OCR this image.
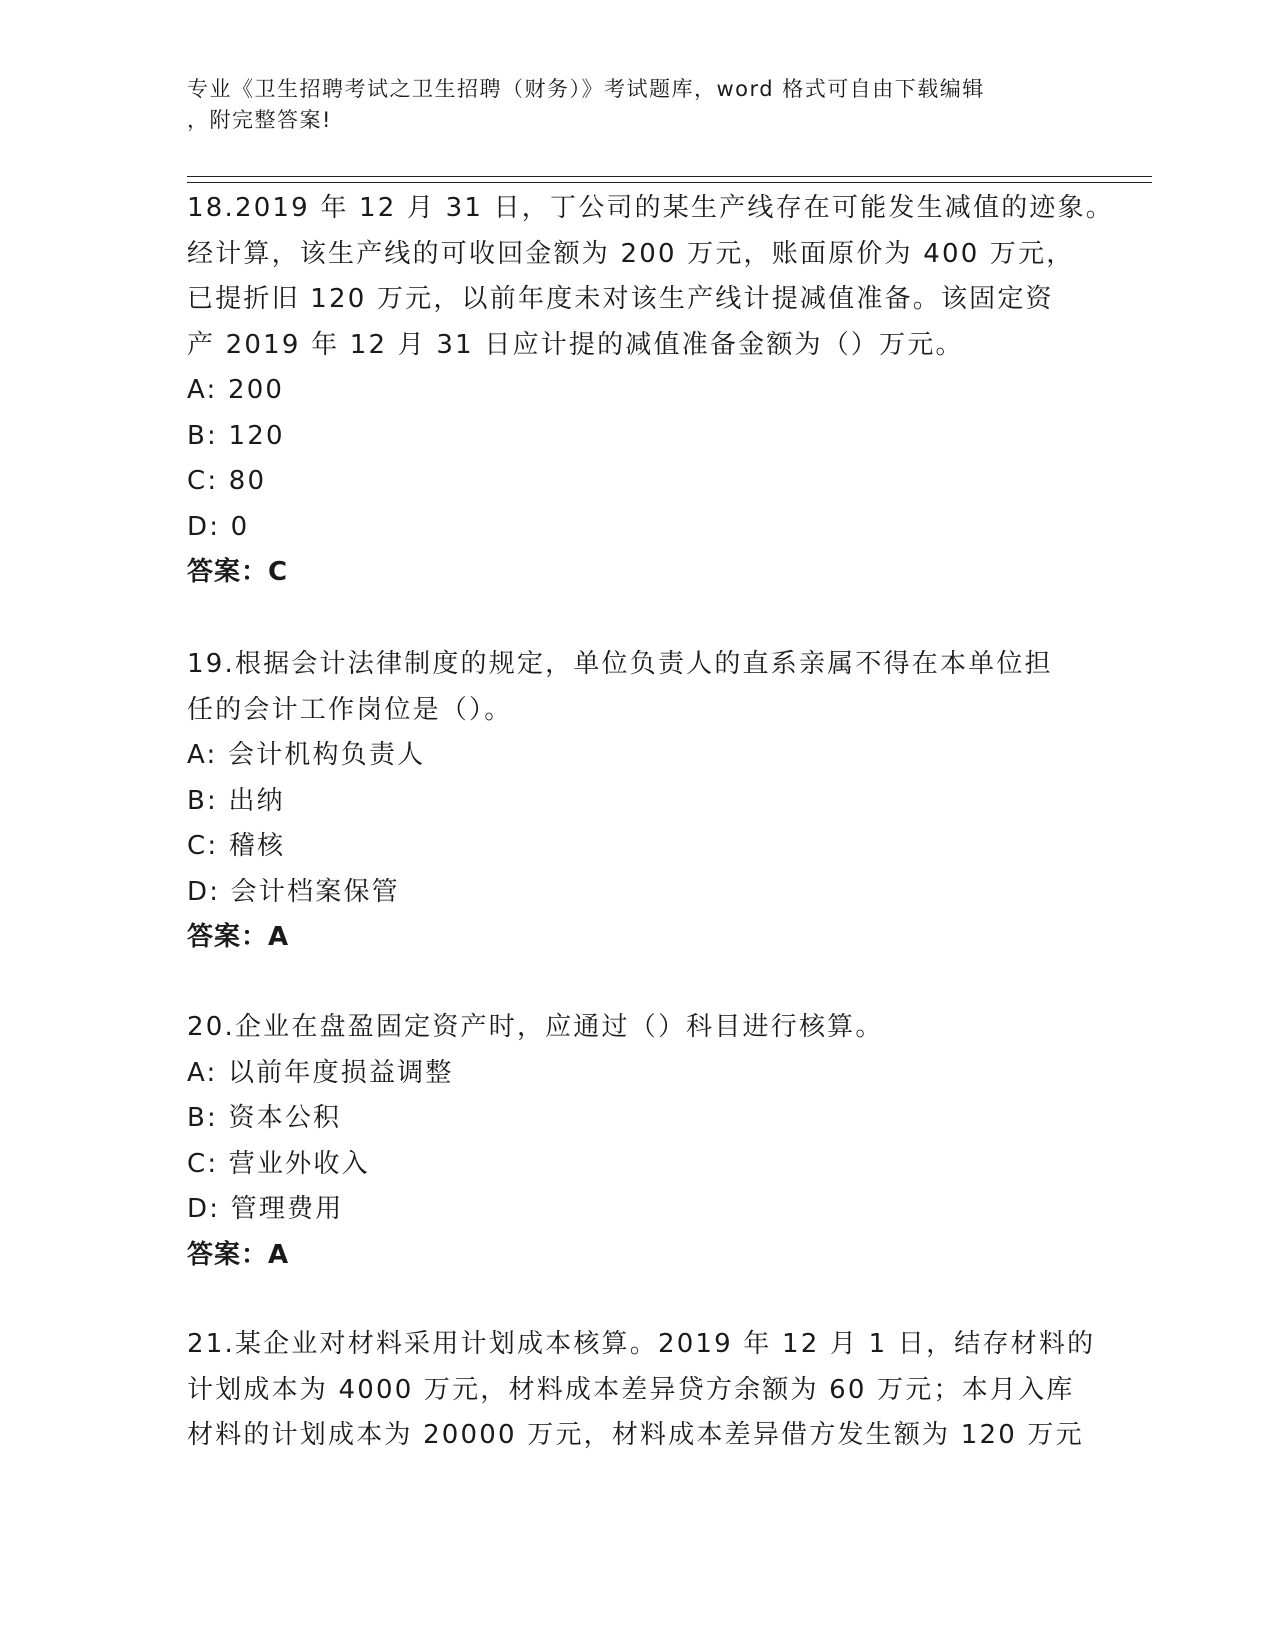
专业《卫生招聘考试之卫生招聘（财务）》考试题库，word 格式可自由下载编辑
，附完整答案!
18.2019 年 12 月 31 日，丁公司的某生产线存在可能发生减值的迹象。
经计算，该生产线的可收回金额为 200 万元，账面原价为 400 万元，
已提折旧 120 万元，以前年度未对该生产线计提减值准备。该固定资
产 2019 年 12 月 31 日应计提的减值准备金额为（）万元。
A: 200
B: 120
C: 80
D: 0
答案：C
19.根据会计法律制度的规定，单位负责人的直系亲属不得在本单位担
任的会计工作岗位是（）。
A: 会计机构负责人
B: 出纳
C: 稽核
D: 会计档案保管
答案：A
20.企业在盘盈固定资产时，应通过（）科目进行核算。
A: 以前年度损益调整
B: 资本公积
C: 营业外收入
D: 管理费用
答案：A
21.某企业对材料采用计划成本核算。2019 年 12 月 1 日，结存材料的
计划成本为 4000 万元，材料成本差异贷方余额为 60 万元；本月入库
材料的计划成本为 20000 万元，材料成本差异借方发生额为 120 万元
